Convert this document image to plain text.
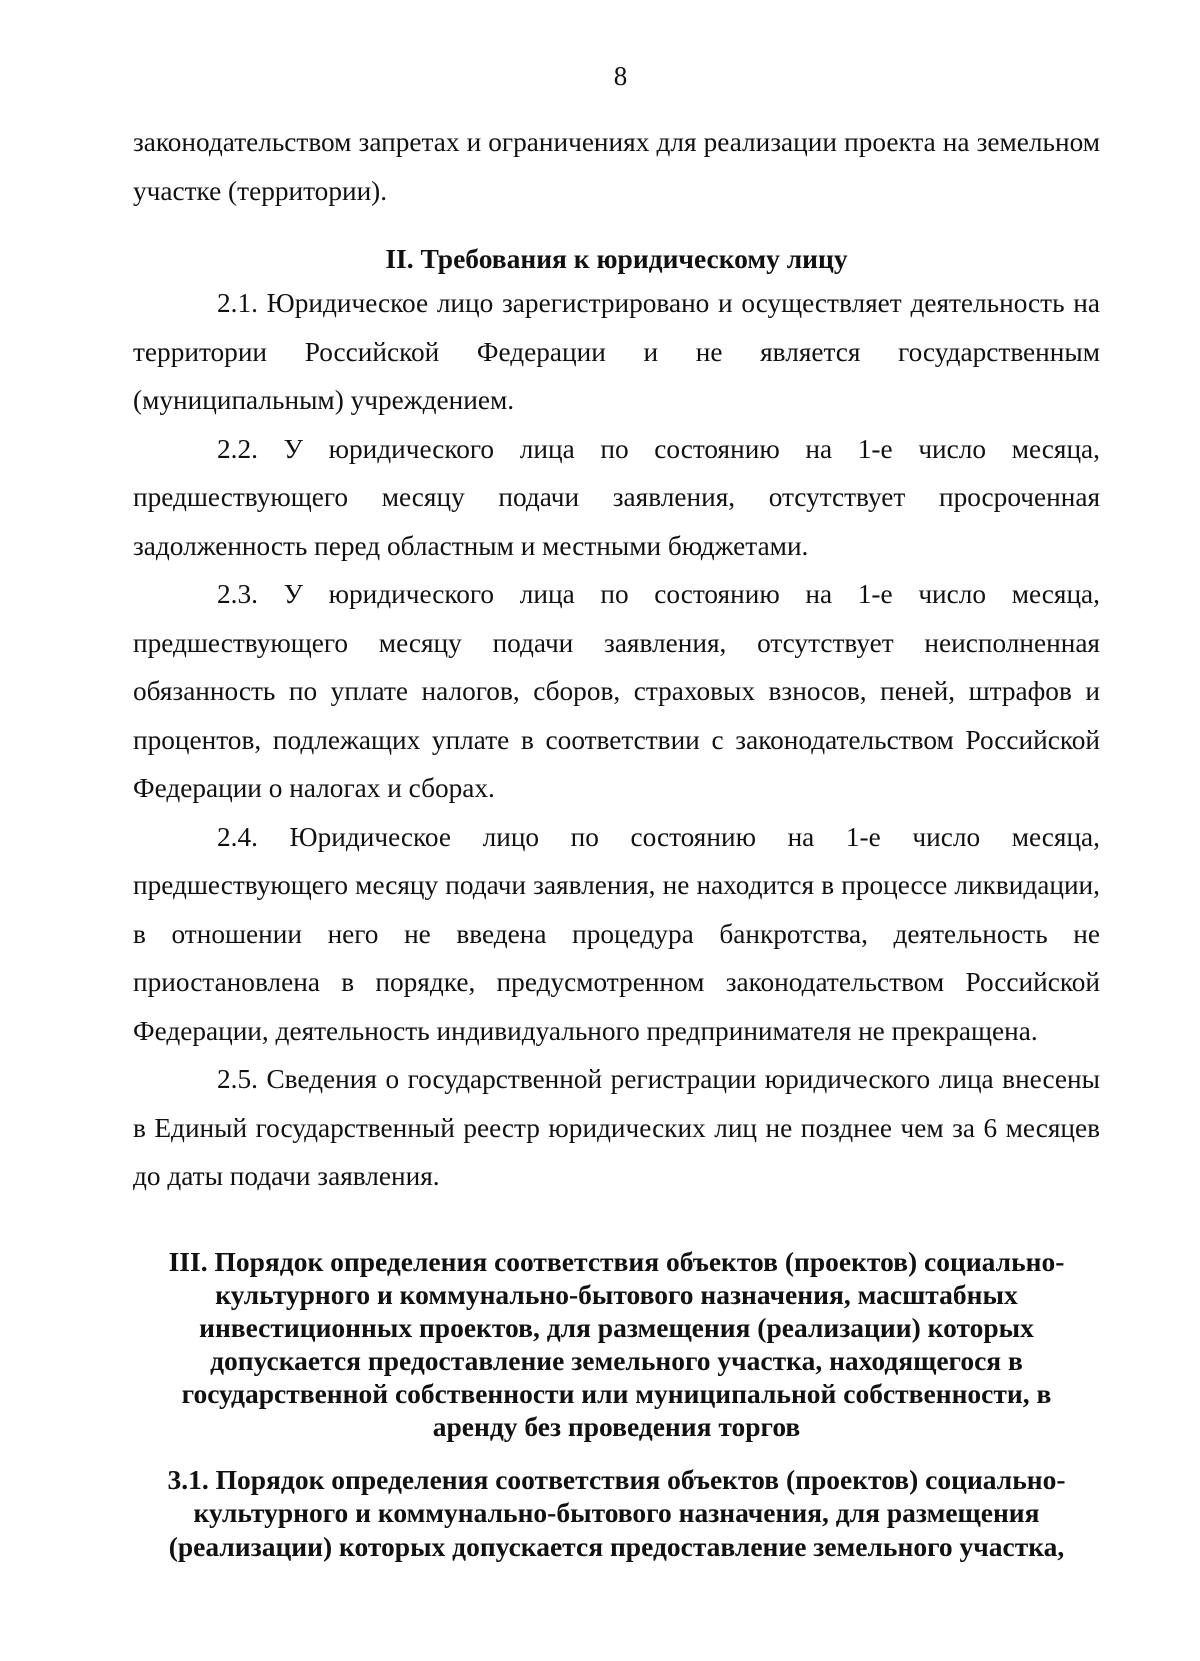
8

законодательством запретах и ограничениях для реализации проекта на земельном участке (территории).

II. Требования к юридическому лицу

2.1. Юридическое лицо зарегистрировано и осуществляет деятельность на территории Российской Федерации и не является государственным (муниципальным) учреждением.

2.2. У юридического лица по состоянию на 1-е число месяца, предшествующего месяцу подачи заявления, отсутствует просроченная задолженность перед областным и местными бюджетами.

2.3. У юридического лица по состоянию на 1-е число месяца, предшествующего месяцу подачи заявления, отсутствует неисполненная обязанность по уплате налогов, сборов, страховых взносов, пеней, штрафов и процентов, подлежащих уплате в соответствии с законодательством Российской Федерации о налогах и сборах.

2.4. Юридическое лицо по состоянию на 1-е число месяца, предшествующего месяцу подачи заявления, не находится в процессе ликвидации, в отношении него не введена процедура банкротства, деятельность не приостановлена в порядке, предусмотренном законодательством Российской Федерации, деятельность индивидуального предпринимателя не прекращена.

2.5. Сведения о государственной регистрации юридического лица внесены в Единый государственный реестр юридических лиц не позднее чем за 6 месяцев до даты подачи заявления.

III. Порядок определения соответствия объектов (проектов) социально-культурного и коммунально-бытового назначения, масштабных инвестиционных проектов, для размещения (реализации) которых допускается предоставление земельного участка, находящегося в государственной собственности или муниципальной собственности, в аренду без проведения торгов
3.1. Порядок определения соответствия объектов (проектов) социально-культурного и коммунально-бытового назначения, для размещения (реализации) которых допускается предоставление земельного участка,
